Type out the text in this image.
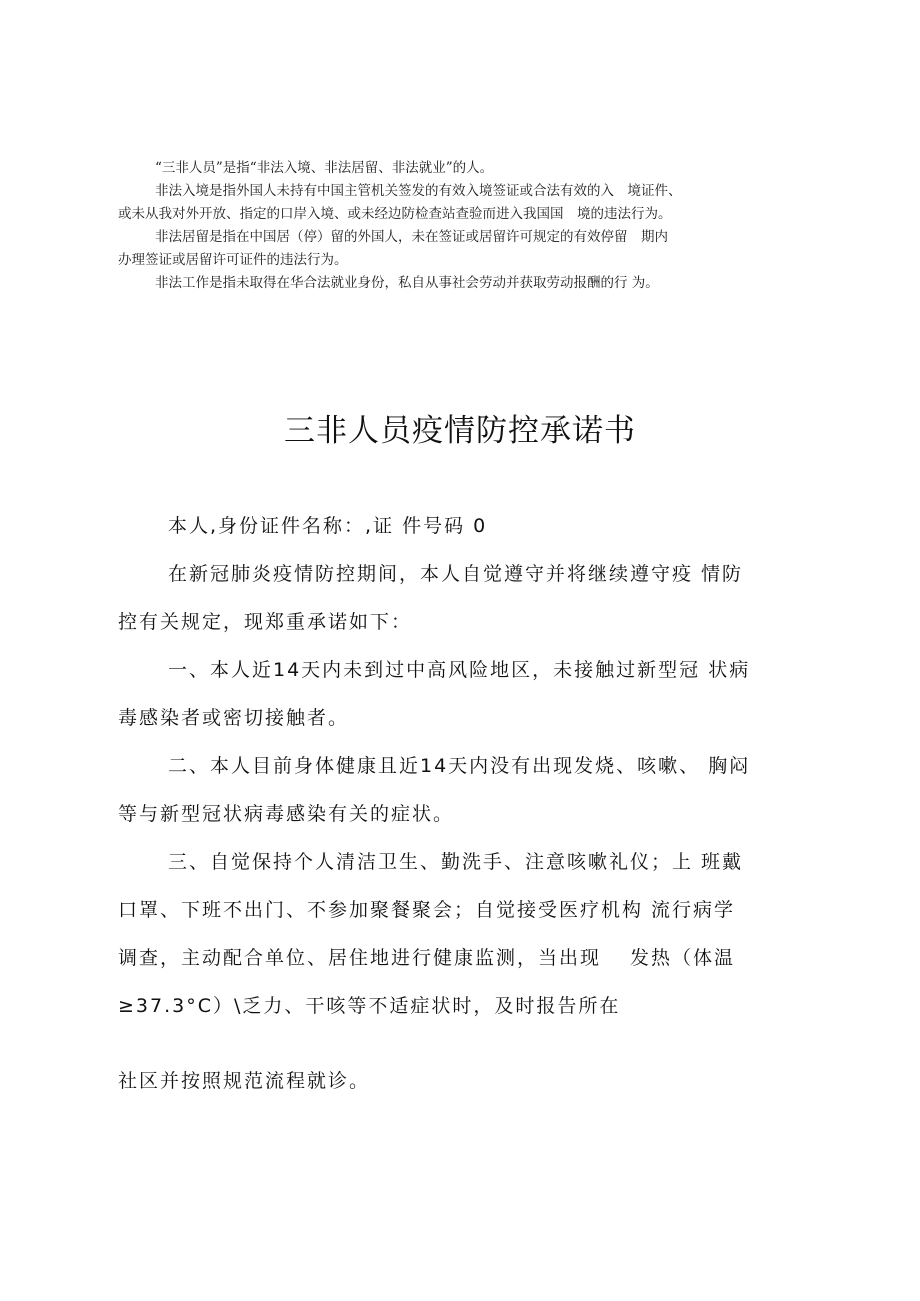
“三非人员”是指“非法入境、非法居留、非法就业”的人。

非法入境是指外国人未持有中国主管机关签发的有效入境签证或合法有效的入　境证件、

或未从我对外开放、指定的口岸入境、或未经边防检查站查验而进入我国国　境的违法行为。

非法居留是指在中国居（停）留的外国人，未在签证或居留许可规定的有效停留　期内

办理签证或居留许可证件的违法行为。

非法工作是指未取得在华合法就业身份，私自从事社会劳动并获取劳动报酬的行 为。

三非人员疫情防控承诺书
本人,身份证件名称：,证 件号码 0
在新冠肺炎疫情防控期间，本人自觉遵守并将继续遵守疫 情防
控有关规定，现郑重承诺如下：
一、本人近14天内未到过中高风险地区，未接触过新型冠 状病
毒感染者或密切接触者。
二、本人目前身体健康且近14天内没有出现发烧、咳嗽、 胸闷
等与新型冠状病毒感染有关的症状。
三、自觉保持个人清洁卫生、勤洗手、注意咳嗽礼仪；上 班戴
口罩、下班不出门、不参加聚餐聚会；自觉接受医疗机构 流行病学
调查，主动配合单位、居住地进行健康监测，当出现　 发热（体温
≥37.3°C）\乏力、干咳等不适症状时，及时报告所在
社区并按照规范流程就诊。
